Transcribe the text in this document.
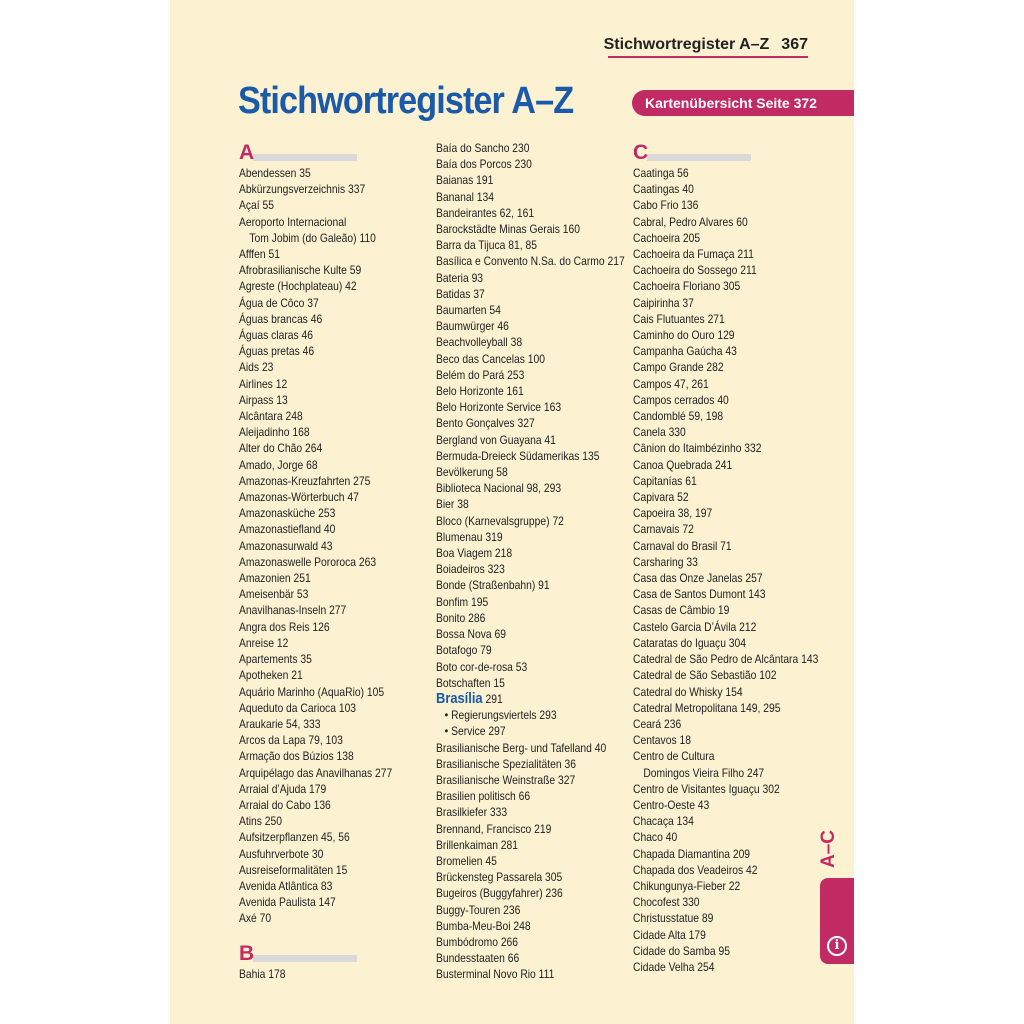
Stichwortregister A–Z 367
Stichwortregister A–Z	Kartenübersicht Seite 372
A
Abendessen 35
Abkürzungsverzeichnis 337
Açaí 55
Aeroporto Internacional
Tom Jobim (do Galeão) 110
Afffen 51
Afrobrasilianische Kulte 59
Agreste (Hochplateau) 42
Água de Côco 37
Águas brancas 46
Águas claras 46
Águas pretas 46
Aids 23
Airlines 12
Airpass 13
Alcântara 248
Aleijadinho 168
Alter do Chão 264
Amado, Jorge 68
Amazonas-Kreuzfahrten 275
Amazonas-Wörterbuch 47
Amazonasküche 253
Amazonastiefland 40
Amazonasurwald 43
Amazonaswelle Pororoca 263
Amazonien 251
Ameisenbär 53
Anavilhanas-Inseln 277
Angra dos Reis 126
Anreise 12
Apartements 35
Apotheken 21
Aquário Marinho (AquaRio) 105
Aqueduto da Carioca 103
Araukarie 54, 333
Arcos da Lapa 79, 103
Armação dos Búzios 138
Arquipélago das Anavilhanas 277
Arraial d’Ajuda 179
Arraial do Cabo 136
Atins 250
Aufsitzerpflanzen 45, 56
Ausfuhrverbote 30
Ausreiseformalitäten 15
Avenida Atlântica 83
Avenida Paulista 147
Axé 70
B
Bahia 178
Baía do Sancho 230
Baía dos Porcos 230
Baianas 191
Bananal 134
Bandeirantes 62, 161
Barockstädte Minas Gerais 160
Barra da Tijuca 81, 85
Basílica e Convento N.Sa. do Carmo 217
Bateria 93
Batidas 37
Baumarten 54
Baumwürger 46
Beachvolleyball 38
Beco das Cancelas 100
Belém do Pará 253
Belo Horizonte 161
Belo Horizonte Service 163
Bento Gonçalves 327
Bergland von Guayana 41
Bermuda-Dreieck Südamerikas 135
Bevölkerung 58
Biblioteca Nacional 98, 293
Bier 38
Bloco (Karnevalsgruppe) 72
Blumenau 319
Boa Viagem 218
Boiadeiros 323
Bonde (Straßenbahn) 91
Bonfim 195
Bonito 286
Bossa Nova 69
Botafogo 79
Boto cor-de-rosa 53
Botschaften 15
Brasília 291
• Regierungsviertels 293
• Service 297
Brasilianische Berg- und Tafelland 40
Brasilianische Spezialitäten 36
Brasilianische Weinstraße 327
Brasilien politisch 66
Brasilkiefer 333
Brennand, Francisco 219
Brillenkaiman 281
Bromelien 45
Brückensteg Passarela 305
Bugeiros (Buggyfahrer) 236
Buggy-Touren 236
Bumba-Meu-Boi 248
Bumbódromo 266
Bundesstaaten 66
Busterminal Novo Rio 111
C
Caatinga 56
Caatingas 40
Cabo Frio 136
Cabral, Pedro Alvares 60
Cachoeira 205
Cachoeira da Fumaça 211
Cachoeira do Sossego 211
Cachoeira Floriano 305
Caipirinha 37
Cais Flutuantes 271
Caminho do Ouro 129
Campanha Gaúcha 43
Campo Grande 282
Campos 47, 261
Campos cerrados 40
Candomblé 59, 198
Canela 330
Cânion do Itaimbézinho 332
Canoa Quebrada 241
Capitanías 61
Capivara 52
Capoeira 38, 197
Carnavais 72
Carnaval do Brasil 71
Carsharing 33
Casa das Onze Janelas 257
Casa de Santos Dumont 143
Casas de Câmbio 19
Castelo Garcia D’Ávila 212
Cataratas do Iguaçu 304
Catedral de São Pedro de Alcântara 143
Catedral de São Sebastião 102
Catedral do Whisky 154
Catedral Metropolitana 149, 295
Ceará 236
Centavos 18
Centro de Cultura
Domingos Vieira Filho 247
Centro de Visitantes Iguaçu 302
Centro-Oeste 43
Chacaça 134
Chaco 40
Chapada Diamantina 209
Chapada dos Veadeiros 42
Chikungunya-Fieber 22
Chocofest 330
Christusstatue 89
Cidade Alta 179
Cidade do Samba 95
Cidade Velha 254
A–C
i
